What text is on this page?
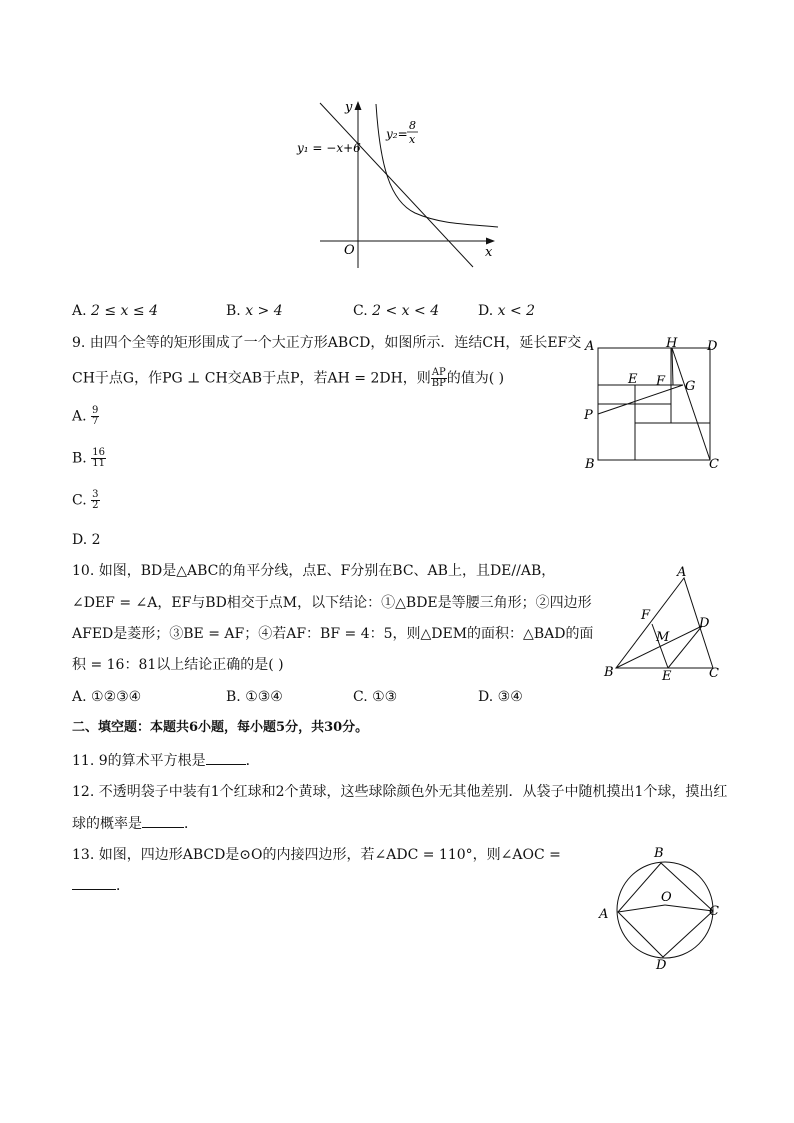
y
x
O
y₁ = −x+6
y₂=
8
x
A. 2 ≤ x ≤ 4	B. x > 4	C. 2 < x < 4	D. x < 2
9. 由四个全等的矩形围成了一个大正方形ABCD，如图所示．连结CH，延长EF交
CH于点G，作PG ⊥ CH交AB于点P，若AH = 2DH，则 $\frac{AP}{BP}$ 的值为( )
A. $\frac{9}{7}$
B. $\frac{16}{11}$
C. $\frac{3}{2}$
D. 2
A	H D
E F G
P
B	C
10. 如图，BD是△ABC的角平分线，点E、F分别在BC、AB上，且DE//AB，
∠DEF = ∠A，EF与BD相交于点M，以下结论：①△BDE是等腰三角形；②四边形
AFED是菱形；③BE = AF；④若AF：BF = 4：5，则△DEM的面积：△BAD的面
积 = 16：81以上结论正确的是( )
A. ①②③④	B. ①③④	C. ①③	D. ③④
A
F
D
M
B	E	C
二、填空题：本题共6小题，每小题5分，共30分。
11. 9的算术平方根是	．
12. 不透明袋子中装有1个红球和2个黄球，这些球除颜色外无其他差别．从袋子中随机摸出1个球，摸出红
球的概率是	．
13. 如图，四边形ABCD是⊙O的内接四边形，若∠ADC = 110°，则∠AOC =
．
B
O
A	C
D
